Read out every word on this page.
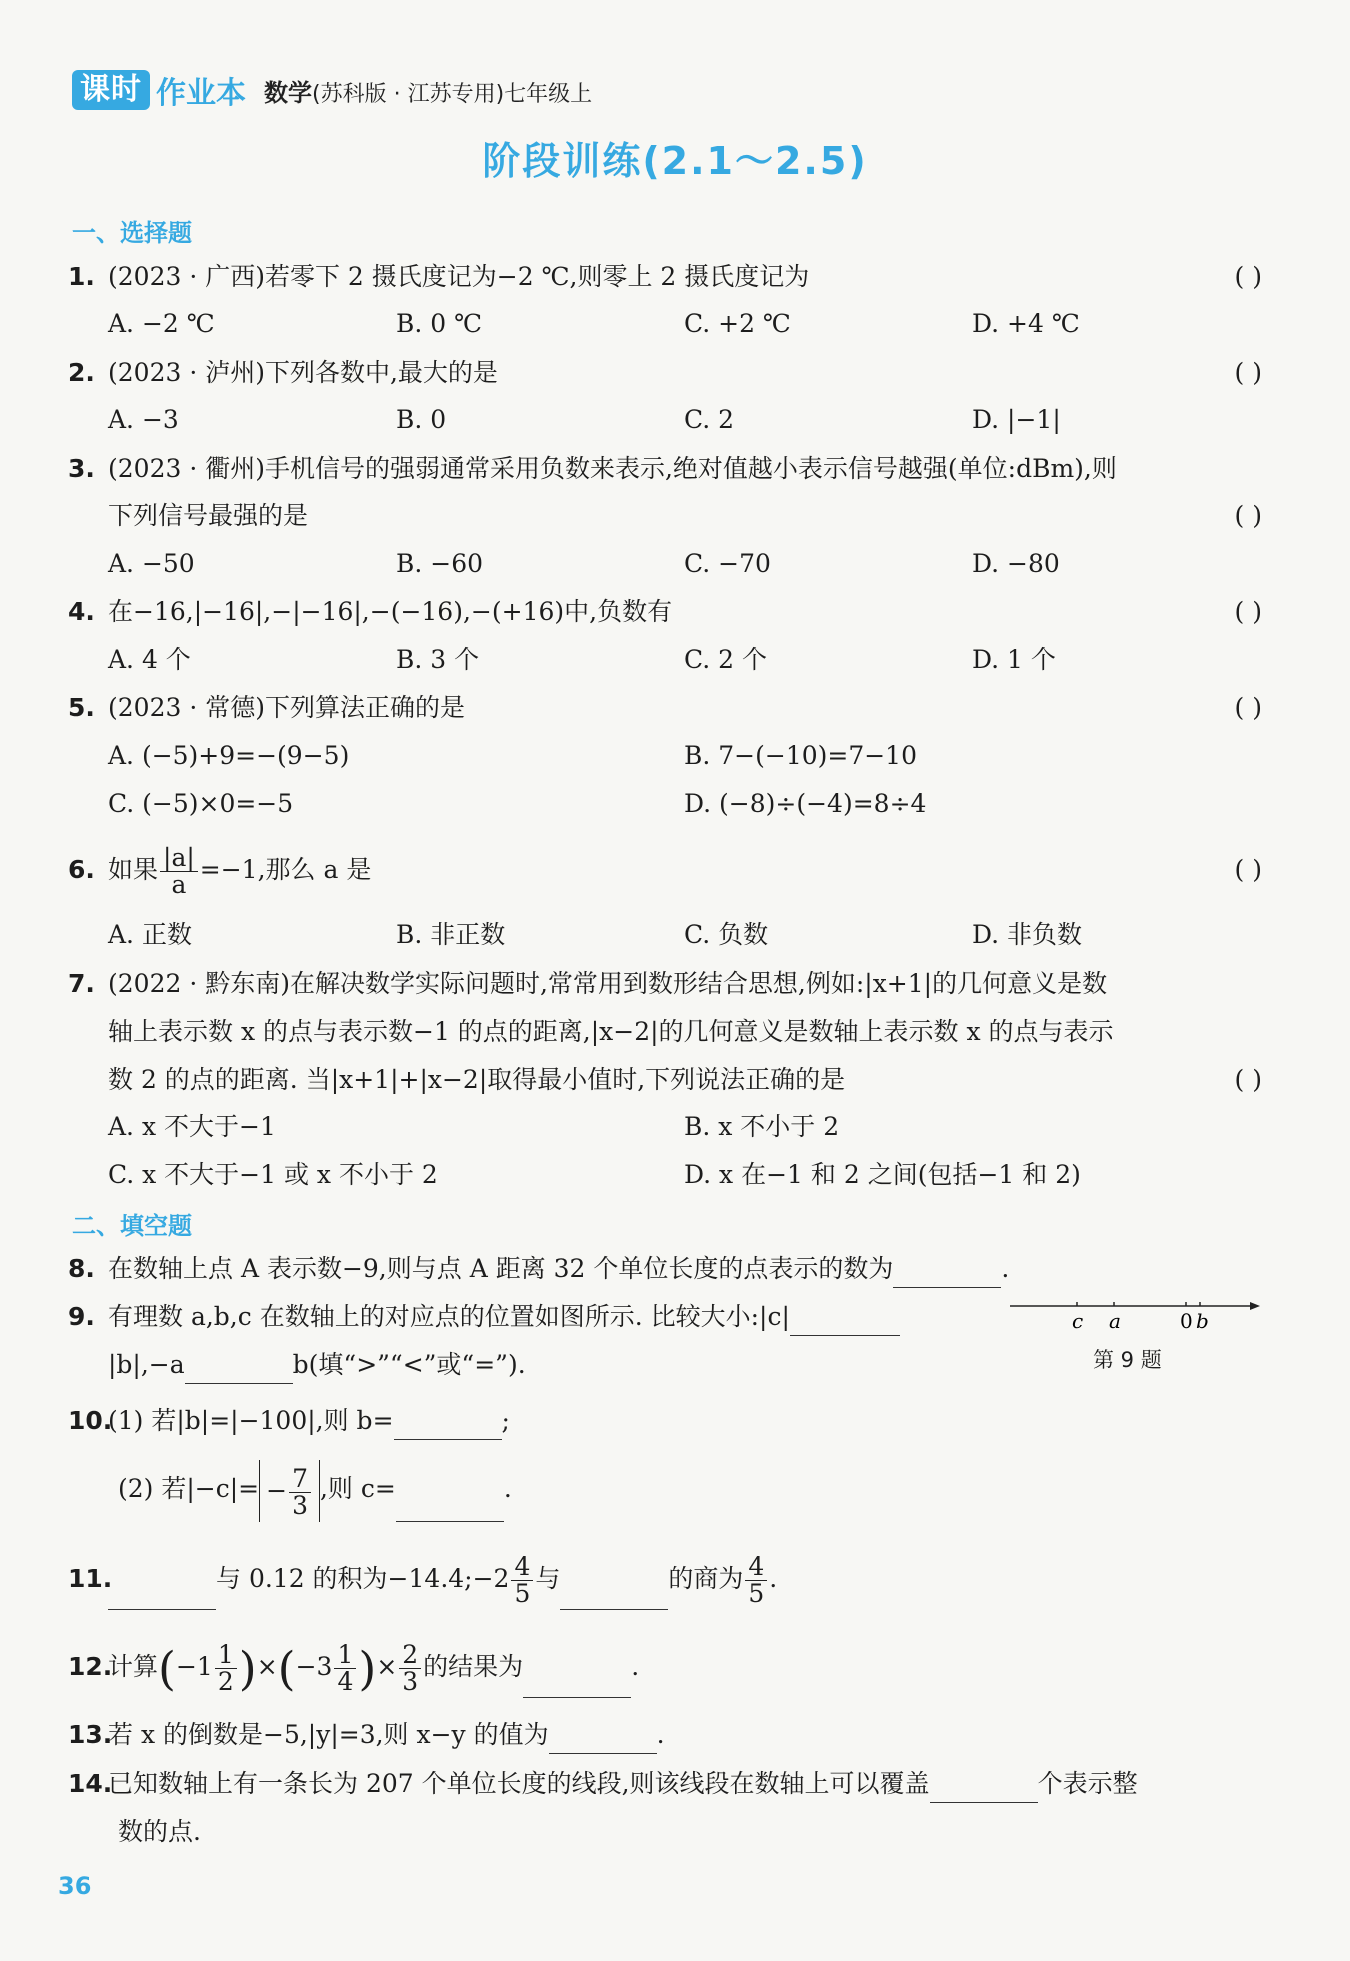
课时 作业本 数学(苏科版 · 江苏专用)七年级上
阶段训练(2.1～2.5)
一、选择题
1. (2023 · 广西)若零下 2 摄氏度记为−2 ℃,则零上 2 摄氏度记为	( )
A. −2 ℃	B. 0 ℃	C. +2 ℃	D. +4 ℃
2. (2023 · 泸州)下列各数中,最大的是	( )
A. −3	B. 0	C. 2	D. |−1|
3. (2023 · 衢州)手机信号的强弱通常采用负数来表示,绝对值越小表示信号越强(单位:dBm),则
下列信号最强的是	( )
A. −50	B. −60	C. −70	D. −80
4. 在−16,|−16|,−|−16|,−(−16),−(+16)中,负数有	( )
A. 4 个	B. 3 个	C. 2 个	D. 1 个
5. (2023 · 常德)下列算法正确的是	( )
A. (−5)+9=−(9−5)	B. 7−(−10)=7−10
C. (−5)×0=−5	D. (−8)÷(−4)=8÷4
6. 如果 $\frac{|a|}{a} =-1$,那么 a 是	( )
A. 正数	B. 非正数	C. 负数	D. 非负数
7. (2022 · 黔东南)在解决数学实际问题时,常常用到数形结合思想,例如:|x+1|的几何意义是数
轴上表示数 x 的点与表示数−1 的点的距离,|x−2|的几何意义是数轴上表示数 x 的点与表示
数 2 的点的距离. 当|x+1|+|x−2|取得最小值时,下列说法正确的是	( )
A. x 不大于−1	B. x 不小于 2
C. x 不大于−1 或 x 不小于 2	D. x 在−1 和 2 之间(包括−1 和 2)
二、填空题
8. 在数轴上点 A 表示数−9,则与点 A 距离 32 个单位长度的点表示的数为	.
9. 有理数 a,b,c 在数轴上的对应点的位置如图所示. 比较大小:|c|
|b|,−a	b(填“>”“<”或“=”).
c a	0 b
第 9 题
10.(1) 若|b|=|−100|,则 b=	;
(2) 若$|-c|= - \frac{7}{3}$ ,则 c=	.
11.	与 0.12 的积为−14.4;−2 $\frac{4}{5}$ 与	的商为 $\frac{4}{5}$ .
12.计算$(-1 \frac{1}{2} )\times(-3 \frac{1}{4}$ )× $\frac{2}{3}$ 的结果为	.
13.若 x 的倒数是−5,|y|=3,则 x−y 的值为	.
14.已知数轴上有一条长为 207 个单位长度的线段,则该线段在数轴上可以覆盖	个表示整
数的点.
36
